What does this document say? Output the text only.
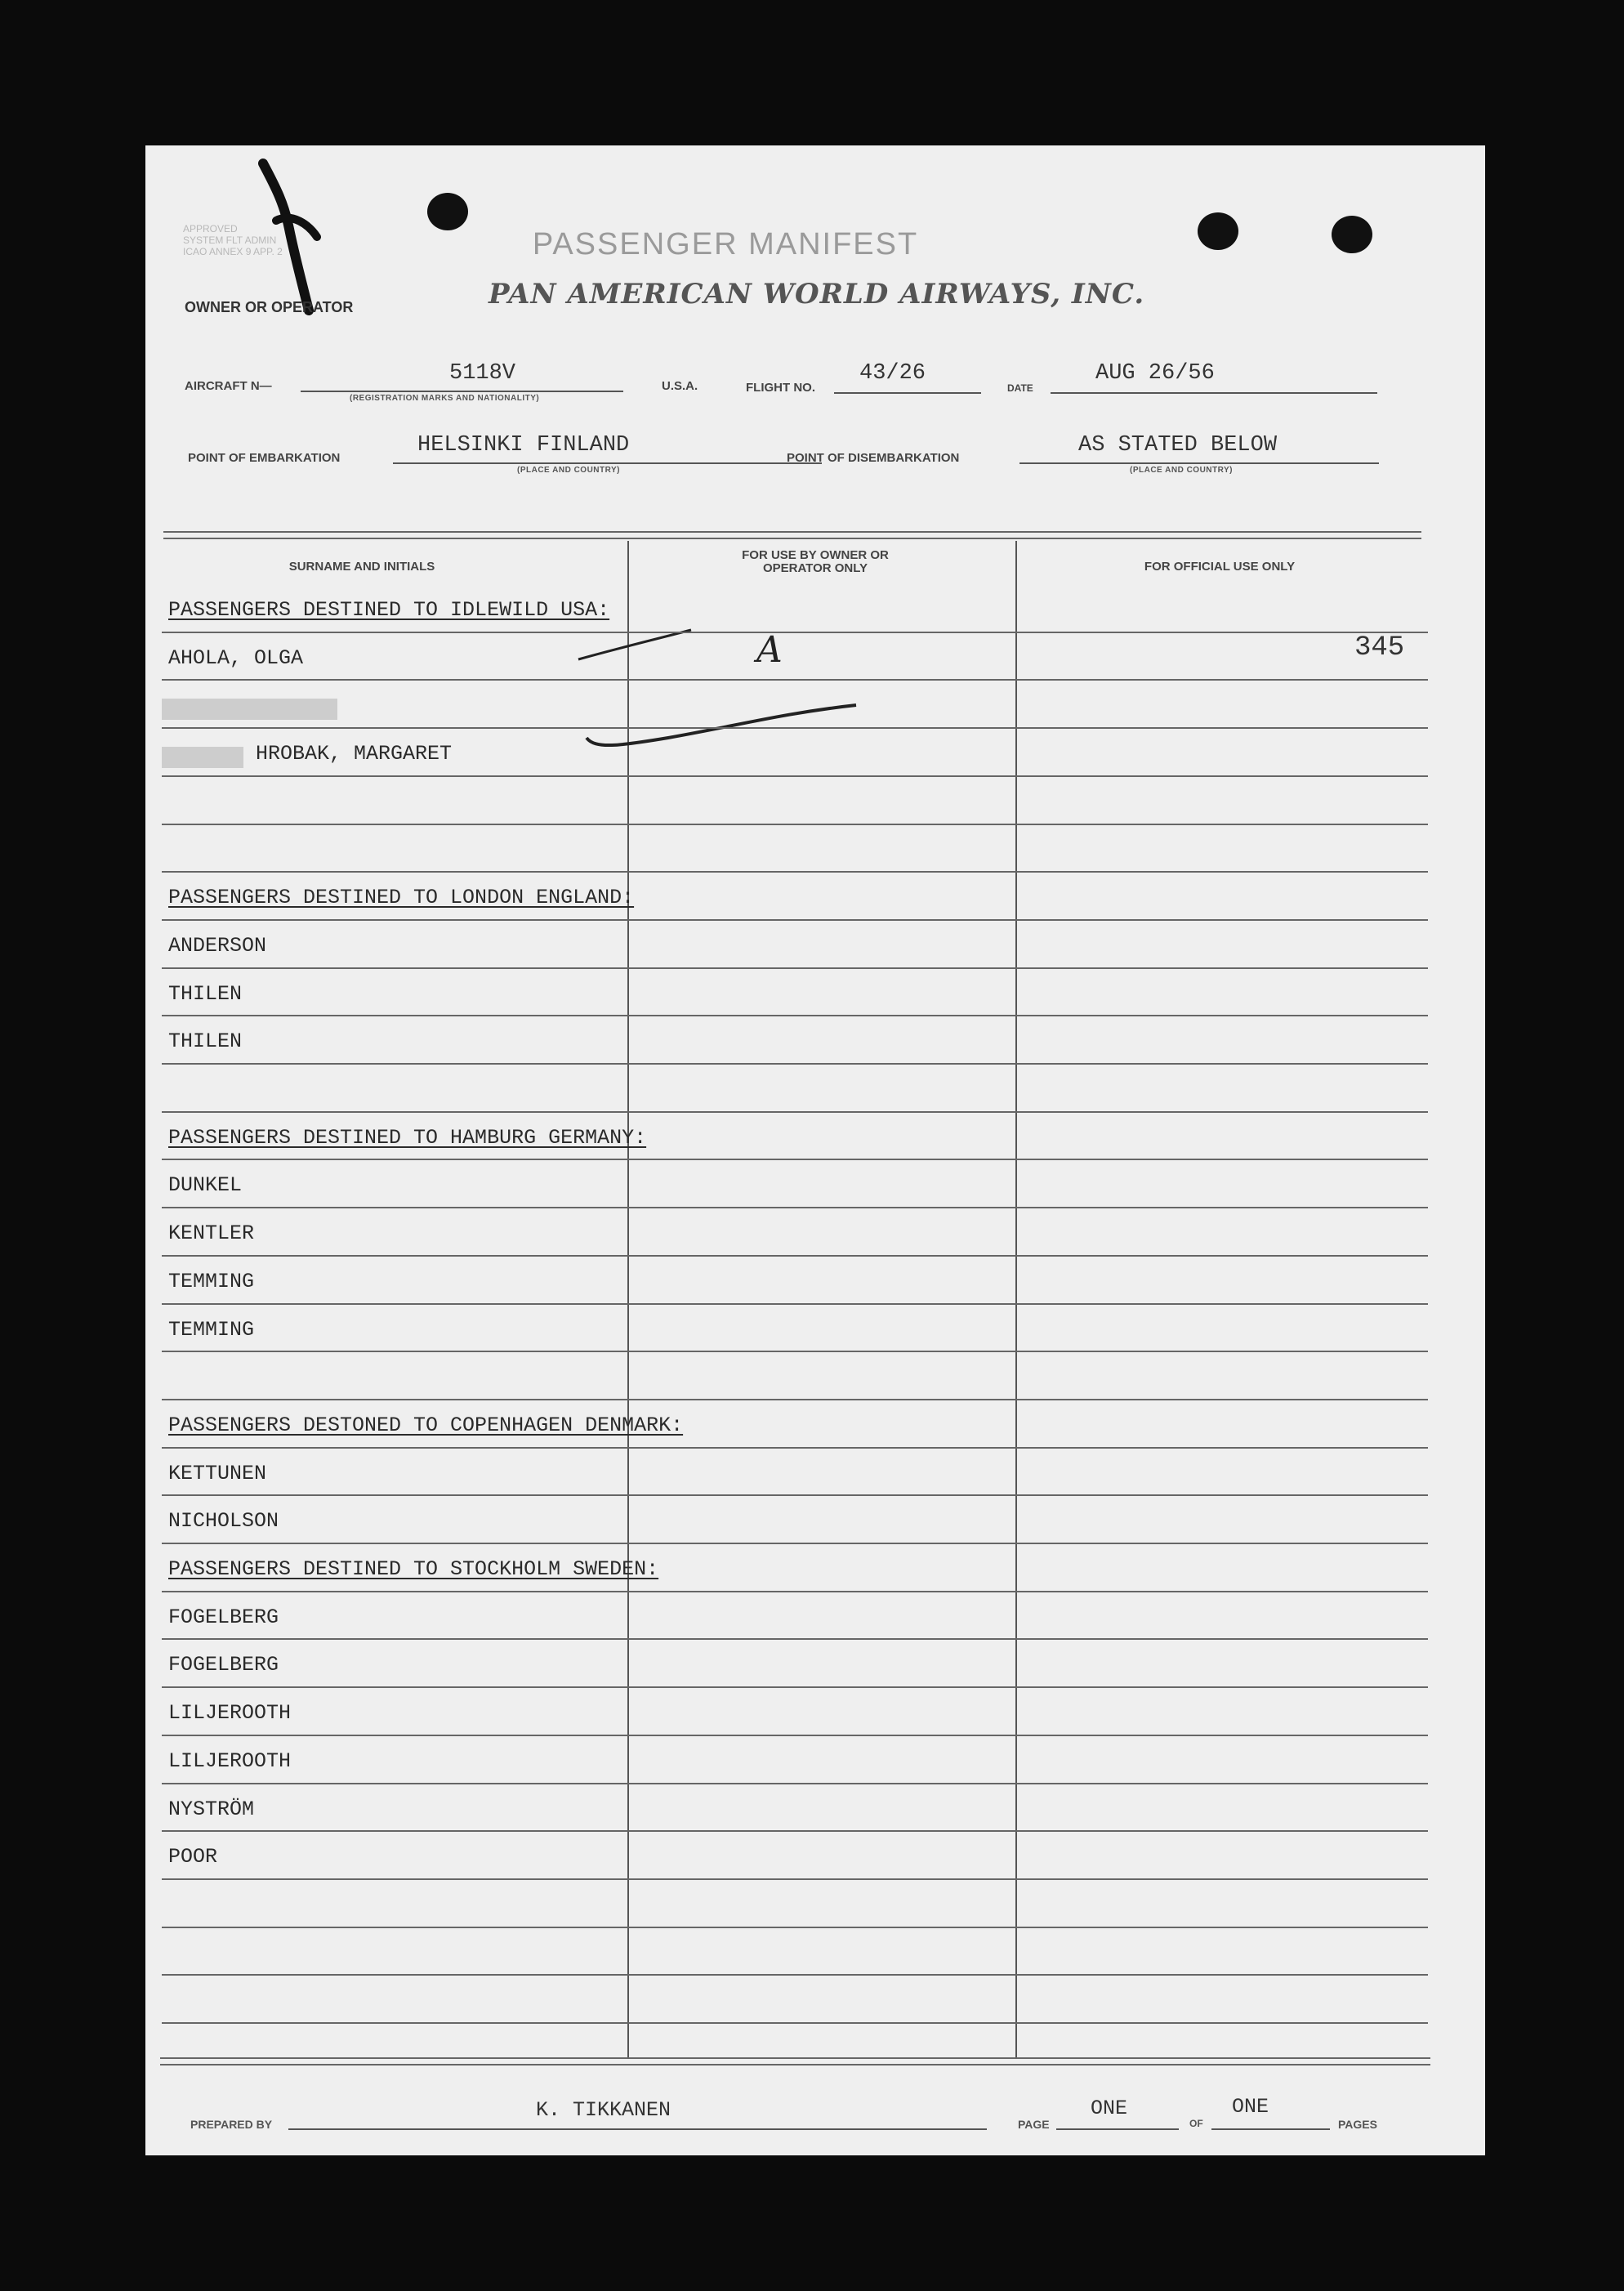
APPROVED
SYSTEM FLT ADMIN
ICAO ANNEX 9 APP. 2
OWNER OR OPERATOR
PASSENGER MANIFEST
PAN AMERICAN WORLD AIRWAYS, INC.
AIRCRAFT N—
5118V
(REGISTRATION MARKS AND NATIONALITY)
U.S.A.	FLIGHT NO.
43/26
DATE
AUG 26/56
POINT OF EMBARKATION
HELSINKI FINLAND
(PLACE AND COUNTRY)
POINT OF DISEMBARKATION
AS STATED BELOW
(PLACE AND COUNTRY)
SURNAME AND INITIALS
FOR USE BY OWNER OR OPERATOR ONLY	FOR OFFICIAL USE ONLY
345
A
PASSENGERS DESTINED TO IDLEWILD USA:
AHOLA, OLGA
HROBAK, MARGARET
PASSENGERS DESTINED TO LONDON ENGLAND:
ANDERSON
THILEN
THILEN
PASSENGERS DESTINED TO HAMBURG GERMANY:
DUNKEL
KENTLER
TEMMING
TEMMING
PASSENGERS DESTONED TO COPENHAGEN DENMARK:
KETTUNEN
NICHOLSON
PASSENGERS DESTINED TO STOCKHOLM SWEDEN:
FOGELBERG
FOGELBERG
LILJEROOTH
LILJEROOTH
NYSTRÖM
POOR
PREPARED BY
K. TIKKANEN
PAGE
ONE
OF
ONE
PAGES
